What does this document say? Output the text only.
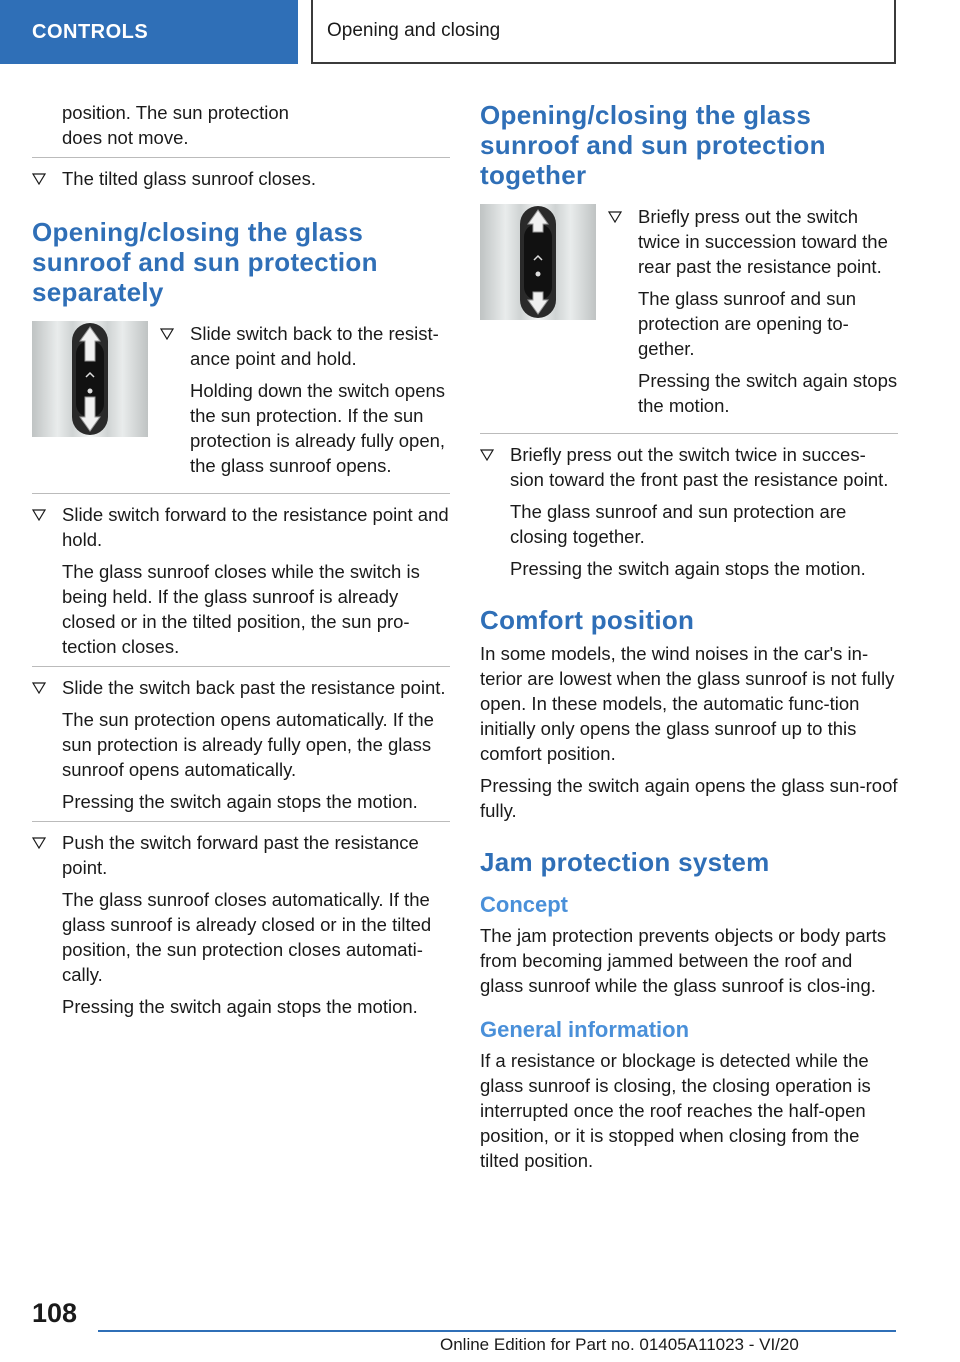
CONTROLS	Opening and closing

position. The sun protection

does not move.

The tilted glass sunroof closes.

Opening/closing the glass sunroof and sun protection separately

Slide switch back to the resist-ance point and hold.

Holding down the switch opens the sun protection. If the sun protection is already fully open, the glass sunroof opens.

Slide switch forward to the resistance point and hold.

The glass sunroof closes while the switch is being held. If the glass sunroof is already closed or in the tilted position, the sun pro-tection closes.

Slide the switch back past the resistance point.

The sun protection opens automatically. If the sun protection is already fully open, the glass sunroof opens automatically.

Pressing the switch again stops the motion.

Push the switch forward past the resistance point.

The glass sunroof closes automatically. If the glass sunroof is already closed or in the tilted position, the sun protection closes automati-cally.

Pressing the switch again stops the motion.

Opening/closing the glass sunroof and sun protection together

Briefly press out the switch twice in succession toward the rear past the resistance point.

The glass sunroof and sun protection are opening to-gether.

Pressing the switch again stops the motion.

Briefly press out the switch twice in succes-sion toward the front past the resistance point.

The glass sunroof and sun protection are closing together.

Pressing the switch again stops the motion.

Comfort position

In some models, the wind noises in the car's in-terior are lowest when the glass sunroof is not fully open. In these models, the automatic func-tion initially only opens the glass sunroof up to this comfort position.

Pressing the switch again opens the glass sun-roof fully.

Jam protection system
Concept

The jam protection prevents objects or body parts from becoming jammed between the roof and glass sunroof while the glass sunroof is clos-ing.

General information

If a resistance or blockage is detected while the glass sunroof is closing, the closing operation is interrupted once the roof reaches the half-open position, or it is stopped when closing from the tilted position.

108
Online Edition for Part no. 01405A11023 - VI/20
